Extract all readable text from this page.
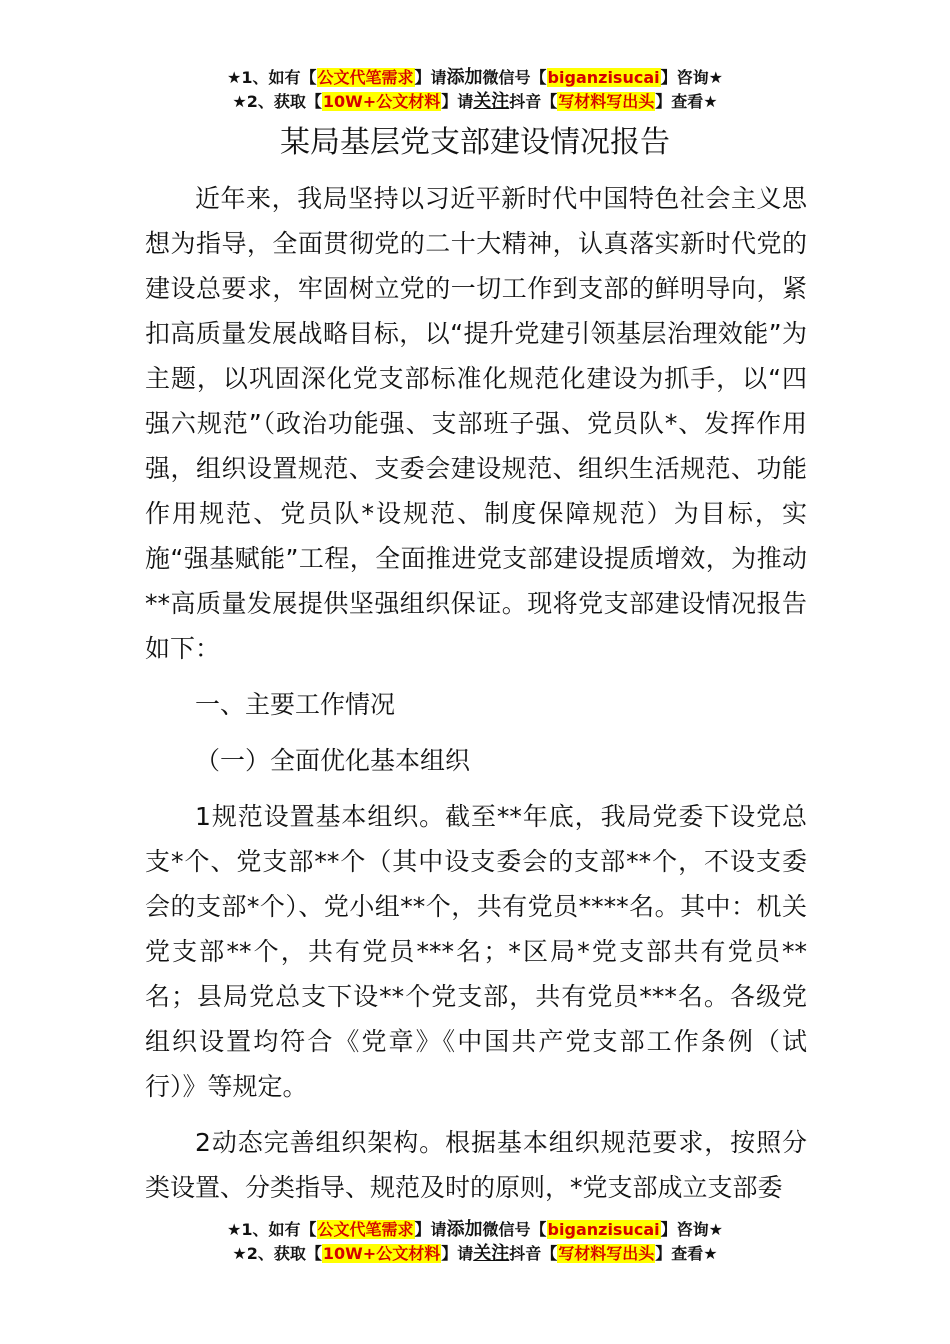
★1、如有【公文代笔需求】请添加微信号【biganzisucai】咨询★
★2、获取【10W+公文材料】请关注抖音【写材料写出头】查看★
某局基层党支部建设情况报告

近年来，我局坚持以习近平新时代中国特色社会主义思想为指导，全面贯彻党的二十大精神，认真落实新时代党的建设总要求，牢固树立党的一切工作到支部的鲜明导向，紧扣高质量发展战略目标，以“提升党建引领基层治理效能”为主题，以巩固深化党支部标准化规范化建设为抓手，以“四强六规范”（政治功能强、支部班子强、党员队*、发挥作用强，组织设置规范、支委会建设规范、组织生活规范、功能作用规范、党员队*设规范、制度保障规范）为目标，实施“强基赋能”工程，全面推进党支部建设提质增效，为推动**高质量发展提供坚强组织保证。现将党支部建设情况报告如下：

一、主要工作情况

（一）全面优化基本组织

1规范设置基本组织。截至**年底，我局党委下设党总支*个、党支部**个（其中设支委会的支部**个，不设支委会的支部*个）、党小组**个，共有党员****名。其中：机关党支部**个，共有党员***名；*区局*党支部共有党员**名；县局党总支下设**个党支部，共有党员***名。各级党组织设置均符合《党章》《中国共产党支部工作条例（试行）》等规定。

2动态完善组织架构。根据基本组织规范要求，按照分类设置、分类指导、规范及时的原则，*党支部成立支部委

★1、如有【公文代笔需求】请添加微信号【biganzisucai】咨询★
★2、获取【10W+公文材料】请关注抖音【写材料写出头】查看★
